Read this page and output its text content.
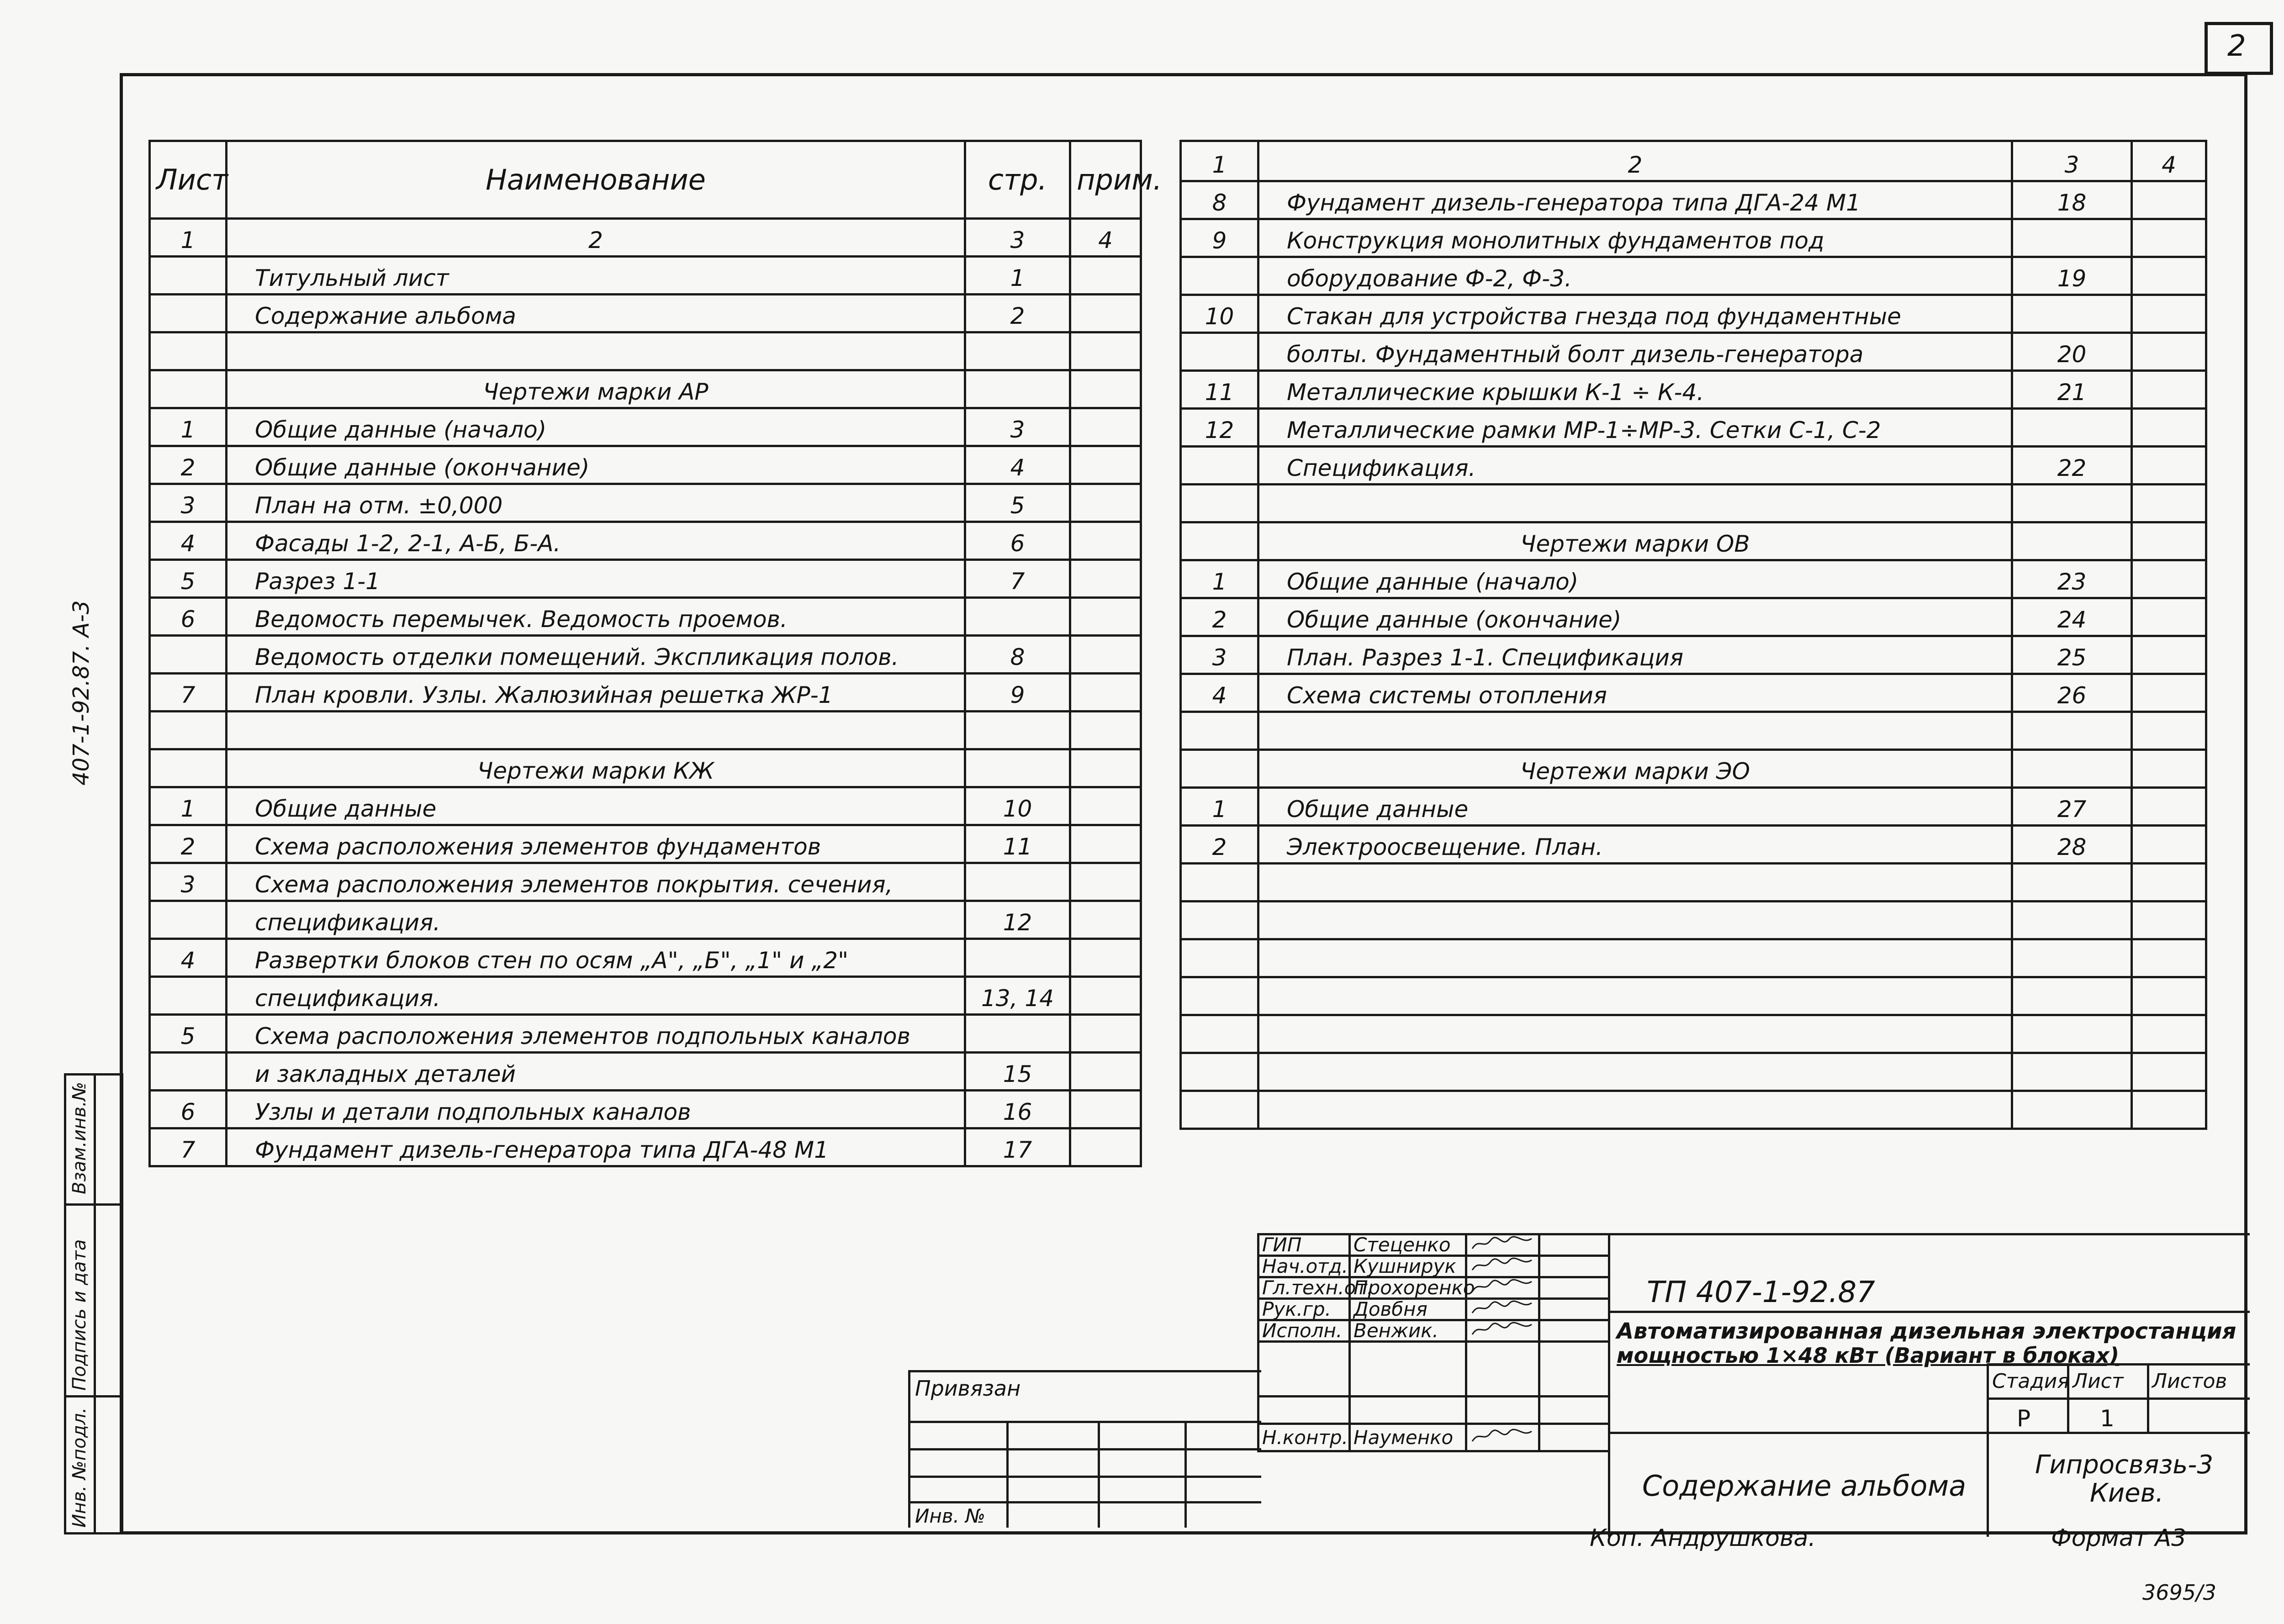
2
407-1-92.87. А-3
Лист	Наименование	стр.	прим.
1	2	3	4
	Титульный лист	1	
	Содержание альбома	2	

	Чертежи марки АР		
1	Общие данные (начало)	3	
2	Общие данные (окончание)	4	
3	План на отм. ±0,000	5	
4	Фасады 1-2, 2-1, А-Б, Б-А.	6	
5	Разрез 1-1	7	
6	Ведомость перемычек. Ведомость проемов.		
	Ведомость отделки помещений. Экспликация полов.	8	
7	План кровли. Узлы. Жалюзийная решетка ЖР-1	9	

	Чертежи марки КЖ		
1	Общие данные	10	
2	Схема расположения элементов фундаментов	11	
3	Схема расположения элементов покрытия. сечения,		
	спецификация.	12	
4	Развертки блоков стен по осям „А", „Б", „1" и „2"		
	спецификация.	13, 14	
5	Схема расположения элементов подпольных каналов		
	и закладных деталей	15	
6	Узлы и детали подпольных каналов	16	
7	Фундамент дизель-генератора типа ДГА-48 М1	17	
1	2	3	4
8	Фундамент дизель-генератора типа ДГА-24 М1	18	
9	Конструкция монолитных фундаментов под		
	оборудование Ф-2, Ф-3.	19	
10	Стакан для устройства гнезда под фундаментные		
	болты. Фундаментный болт дизель-генератора	20	
11	Металлические крышки К-1 ÷ К-4.	21	
12	Металлические рамки МР-1÷МР-3. Сетки С-1, С-2		
	Спецификация.	22	

	Чертежи марки ОВ		
1	Общие данные (начало)	23	
2	Общие данные (окончание)	24	
3	План. Разрез 1-1. Спецификация	25	
4	Схема системы отопления	26	

	Чертежи марки ЭО		
1	Общие данные	27	
2	Электроосвещение. План.	28	

ГИП	Стеценко		
Нач.отд.	Кушнирук		
Гл.техн.от.	Прохоренко		
Рук.гр.	Довбня		
Исполн.	Венжик.		

Н.контр.	Науменко		
Привязан
Инв. №
ТП 407-1-92.87
Автоматизированная дизельная электростанция
мощностью 1×48 кВт (Вариант в блоках)
Стадия Лист Листов
Р	1
Содержание альбома
Гипросвязь-3
Киев.
Взам.инв.№
Подпись и дата
Инв. №подл.
Коп. Андрушкова.	Формат А3
3695/3
